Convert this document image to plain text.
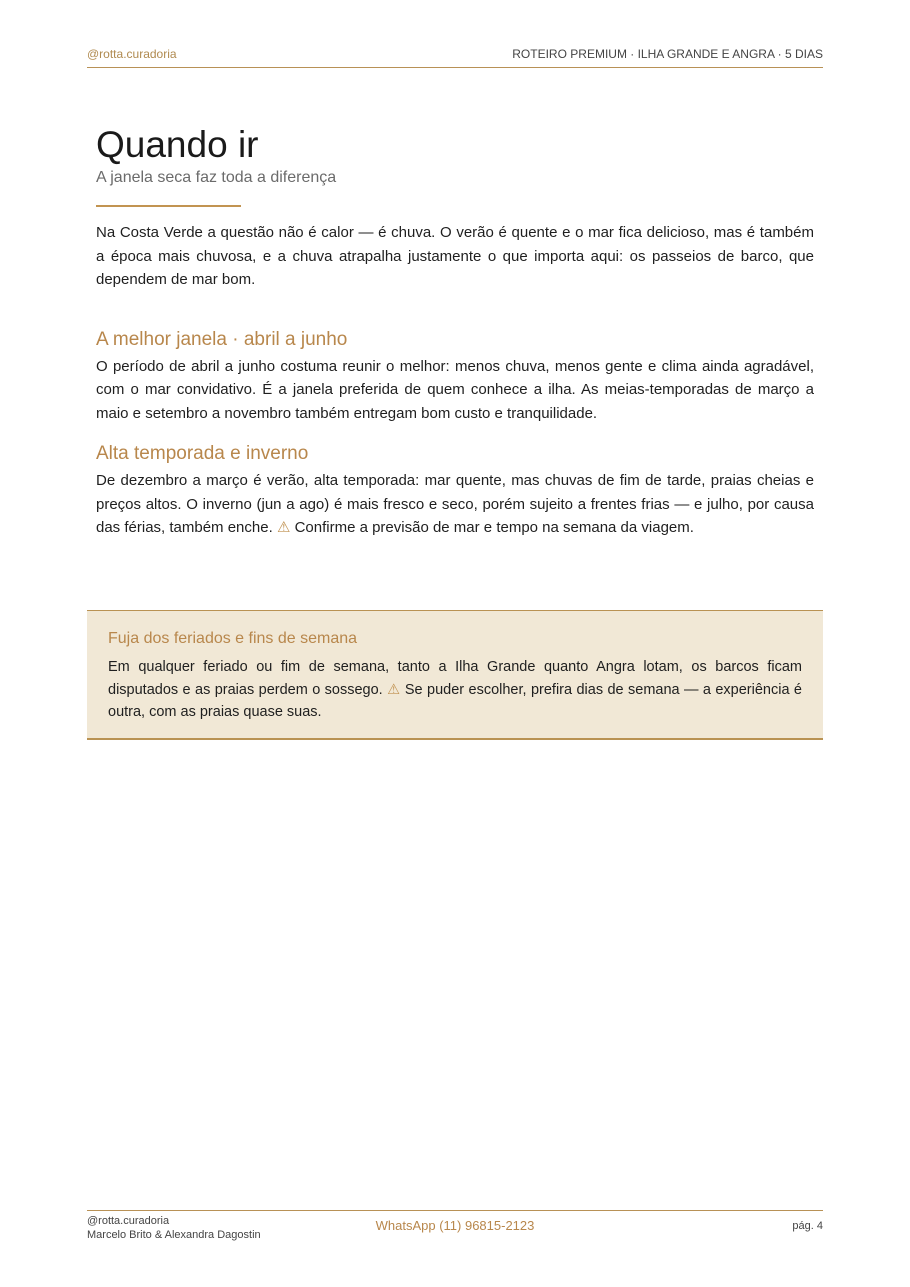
@rotta.curadoria	ROTEIRO PREMIUM · ILHA GRANDE E ANGRA · 5 DIAS
Quando ir

A janela seca faz toda a diferença

Na Costa Verde a questão não é calor — é chuva. O verão é quente e o mar fica delicioso, mas é também a época mais chuvosa, e a chuva atrapalha justamente o que importa aqui: os passeios de barco, que dependem de mar bom.

A melhor janela · abril a junho

O período de abril a junho costuma reunir o melhor: menos chuva, menos gente e clima ainda agradável, com o mar convidativo. É a janela preferida de quem conhece a ilha. As meias-temporadas de março a maio e setembro a novembro também entregam bom custo e tranquilidade.

Alta temporada e inverno

De dezembro a março é verão, alta temporada: mar quente, mas chuvas de fim de tarde, praias cheias e preços altos. O inverno (jun a ago) é mais fresco e seco, porém sujeito a frentes frias — e julho, por causa das férias, também enche. ⚠ Confirme a previsão de mar e tempo na semana da viagem.

Fuja dos feriados e fins de semana

Em qualquer feriado ou fim de semana, tanto a Ilha Grande quanto Angra lotam, os barcos ficam disputados e as praias perdem o sossego. ⚠ Se puder escolher, prefira dias de semana — a experiência é outra, com as praias quase suas.

@rotta.curadoria
Marcelo Brito & Alexandra Dagostin
WhatsApp (11) 96815-2123	pág. 4
